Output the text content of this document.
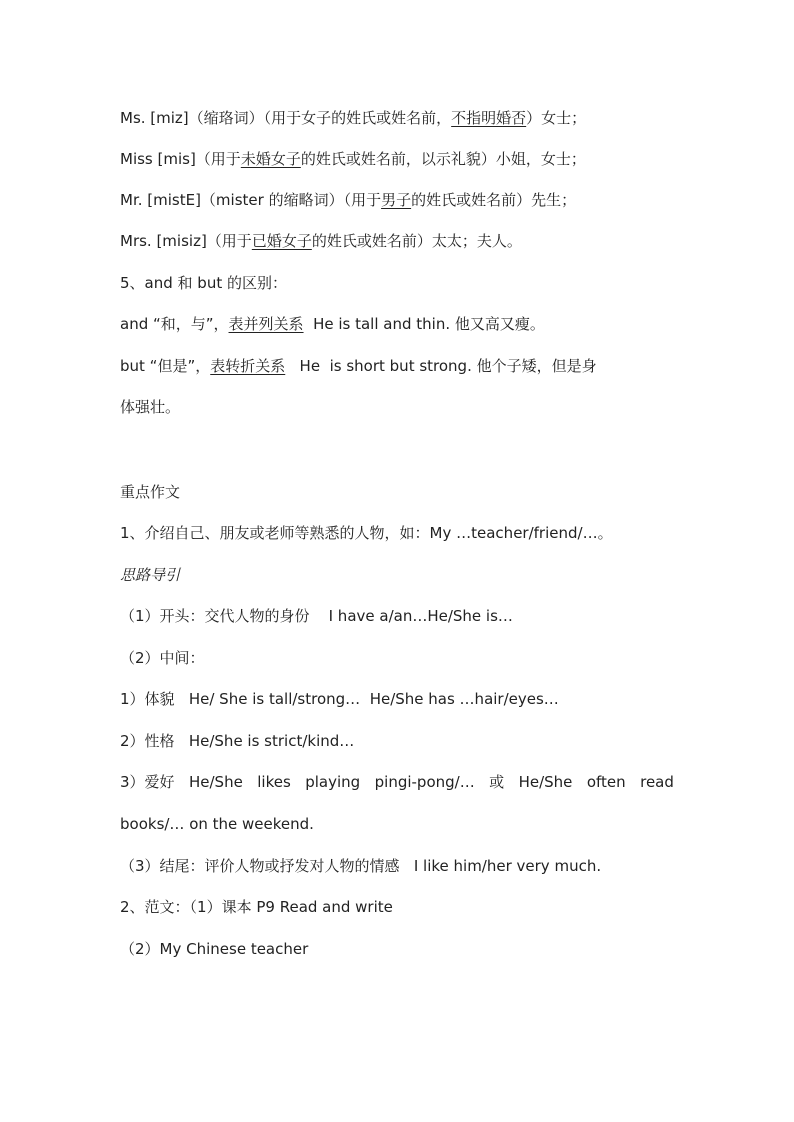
Ms. [miz]（缩珞词）（用于女子的姓氏或姓名前，不指明婚否）女士；
Miss [mis]（用于未婚女子的姓氏或姓名前，以示礼貌）小姐，女士；
Mr. [mistE]（mister 的缩略词）（用于男子的姓氏或姓名前）先生；
Mrs. [misiz]（用于已婚女子的姓氏或姓名前）太太；夫人。
5、and 和 but 的区别：
and “和，与”，表并列关系  He is tall and thin. 他又高又瘦。
but “但是”，表转折关系   He  is short but strong. 他个子矮，但是身
体强壮。
重点作文
1、介绍自己、朋友或老师等熟悉的人物，如：My …teacher/friend/…。
思路导引
（1）开头：交代人物的身份    I have a/an…He/She is…
（2）中间：
1）体貌   He/ She is tall/strong…  He/She has …hair/eyes…
2）性格   He/She is strict/kind…
3）爱好 He/She likes playing pingi-pong/… 或 He/She often read
books/… on the weekend.
（3）结尾：评价人物或抒发对人物的情感   I like him/her very much.
2、范文：（1）课本 P9 Read and write
（2）My Chinese teacher
